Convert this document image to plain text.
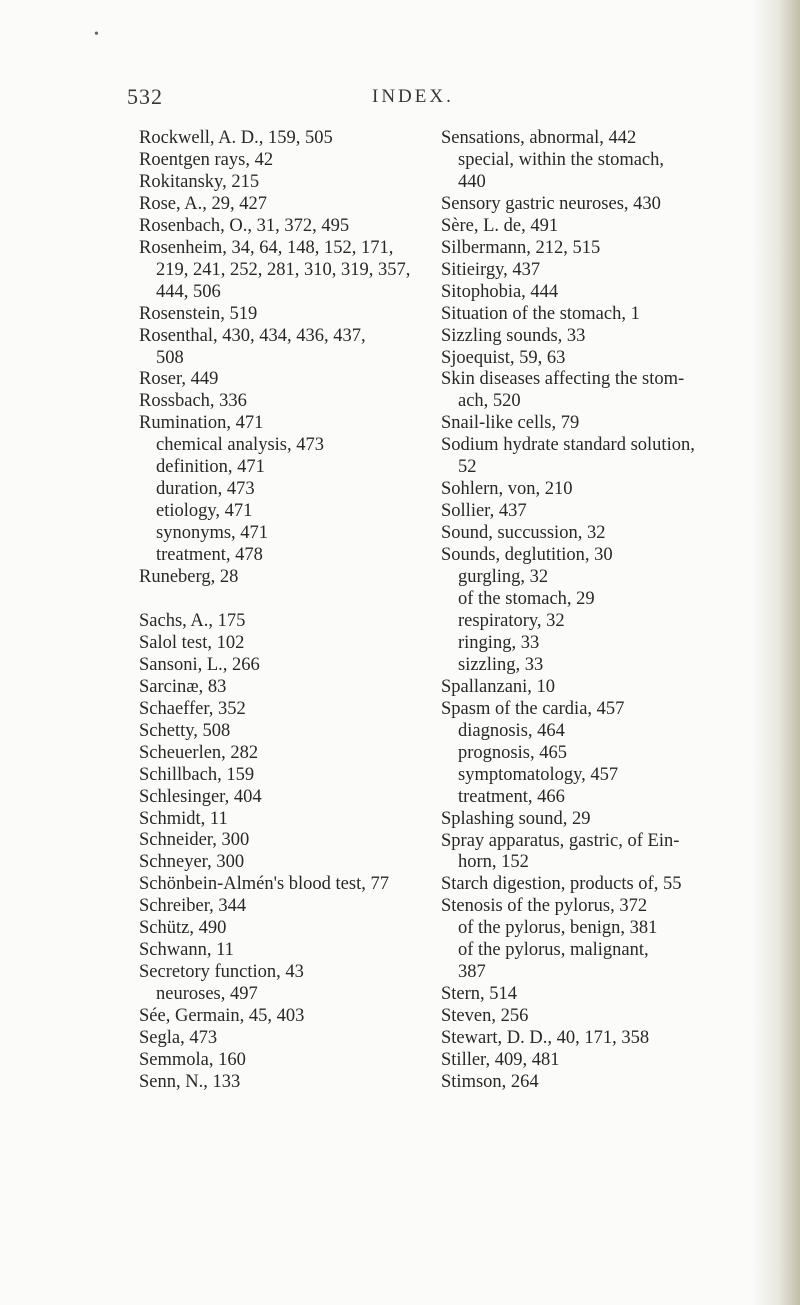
•
532	INDEX.
Rockwell, A. D., 159, 505
Roentgen rays, 42
Rokitansky, 215
Rose, A., 29, 427
Rosenbach, O., 31, 372, 495
Rosenheim, 34, 64, 148, 152, 171,
219, 241, 252, 281, 310, 319, 357,
444, 506
Rosenstein, 519
Rosenthal, 430, 434, 436, 437,
508
Roser, 449
Rossbach, 336
Rumination, 471
chemical analysis, 473
definition, 471
duration, 473
etiology, 471
synonyms, 471
treatment, 478
Runeberg, 28
Sachs, A., 175
Salol test, 102
Sansoni, L., 266
Sarcinæ, 83
Schaeffer, 352
Schetty, 508
Scheuerlen, 282
Schillbach, 159
Schlesinger, 404
Schmidt, 11
Schneider, 300
Schneyer, 300
Schönbein-Almén's blood test, 77
Schreiber, 344
Schütz, 490
Schwann, 11
Secretory function, 43
neuroses, 497
Sée, Germain, 45, 403
Segla, 473
Semmola, 160
Senn, N., 133
Sensations, abnormal, 442
special, within the stomach,
440
Sensory gastric neuroses, 430
Sère, L. de, 491
Silbermann, 212, 515
Sitieirgy, 437
Sitophobia, 444
Situation of the stomach, 1
Sizzling sounds, 33
Sjoequist, 59, 63
Skin diseases affecting the stom-
ach, 520
Snail-like cells, 79
Sodium hydrate standard solution,
52
Sohlern, von, 210
Sollier, 437
Sound, succussion, 32
Sounds, deglutition, 30
gurgling, 32
of the stomach, 29
respiratory, 32
ringing, 33
sizzling, 33
Spallanzani, 10
Spasm of the cardia, 457
diagnosis, 464
prognosis, 465
symptomatology, 457
treatment, 466
Splashing sound, 29
Spray apparatus, gastric, of Ein-
horn, 152
Starch digestion, products of, 55
Stenosis of the pylorus, 372
of the pylorus, benign, 381
of the pylorus, malignant,
387
Stern, 514
Steven, 256
Stewart, D. D., 40, 171, 358
Stiller, 409, 481
Stimson, 264
